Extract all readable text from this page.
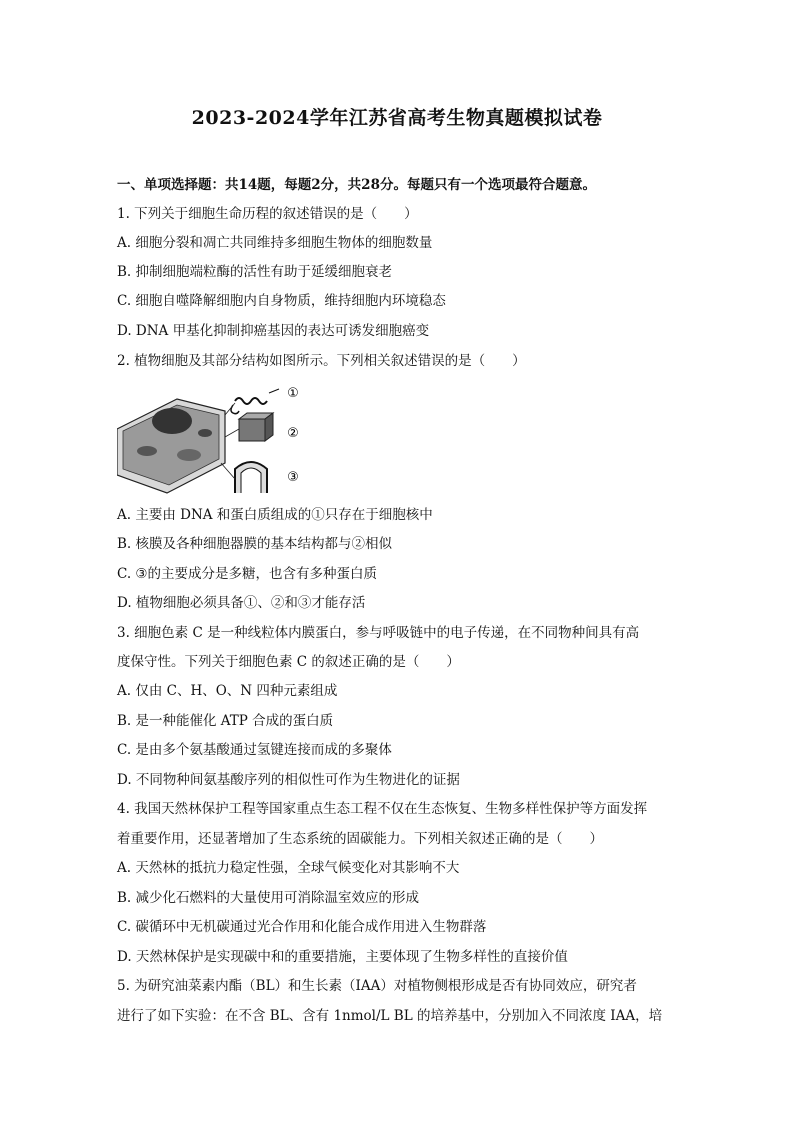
2023-2024学年江苏省高考生物真题模拟试卷
一、单项选择题：共14题，每题2分，共28分。每题只有一个选项最符合题意。
1. 下列关于细胞生命历程的叙述错误的是（　　）
A. 细胞分裂和凋亡共同维持多细胞生物体的细胞数量
B. 抑制细胞端粒酶的活性有助于延缓细胞衰老
C. 细胞自噬降解细胞内自身物质，维持细胞内环境稳态
D. DNA 甲基化抑制抑癌基因的表达可诱发细胞癌变
2. 植物细胞及其部分结构如图所示。下列相关叙述错误的是（　　）
①
②
③
A. 主要由 DNA 和蛋白质组成的①只存在于细胞核中
B. 核膜及各种细胞器膜的基本结构都与②相似
C. ③的主要成分是多糖，也含有多种蛋白质
D. 植物细胞必须具备①、②和③才能存活
3. 细胞色素 C 是一种线粒体内膜蛋白，参与呼吸链中的电子传递，在不同物种间具有高
度保守性。下列关于细胞色素 C 的叙述正确的是（　　）
A. 仅由 C、H、O、N 四种元素组成
B. 是一种能催化 ATP 合成的蛋白质
C. 是由多个氨基酸通过氢键连接而成的多聚体
D. 不同物种间氨基酸序列的相似性可作为生物进化的证据
4. 我国天然林保护工程等国家重点生态工程不仅在生态恢复、生物多样性保护等方面发挥
着重要作用，还显著增加了生态系统的固碳能力。下列相关叙述正确的是（　　）
A. 天然林的抵抗力稳定性强，全球气候变化对其影响不大
B. 减少化石燃料的大量使用可消除温室效应的形成
C. 碳循环中无机碳通过光合作用和化能合成作用进入生物群落
D. 天然林保护是实现碳中和的重要措施，主要体现了生物多样性的直接价值
5. 为研究油菜素内酯（BL）和生长素（IAA）对植物侧根形成是否有协同效应，研究者
进行了如下实验：在不含 BL、含有 1nmol/L BL 的培养基中，分别加入不同浓度 IAA，培
